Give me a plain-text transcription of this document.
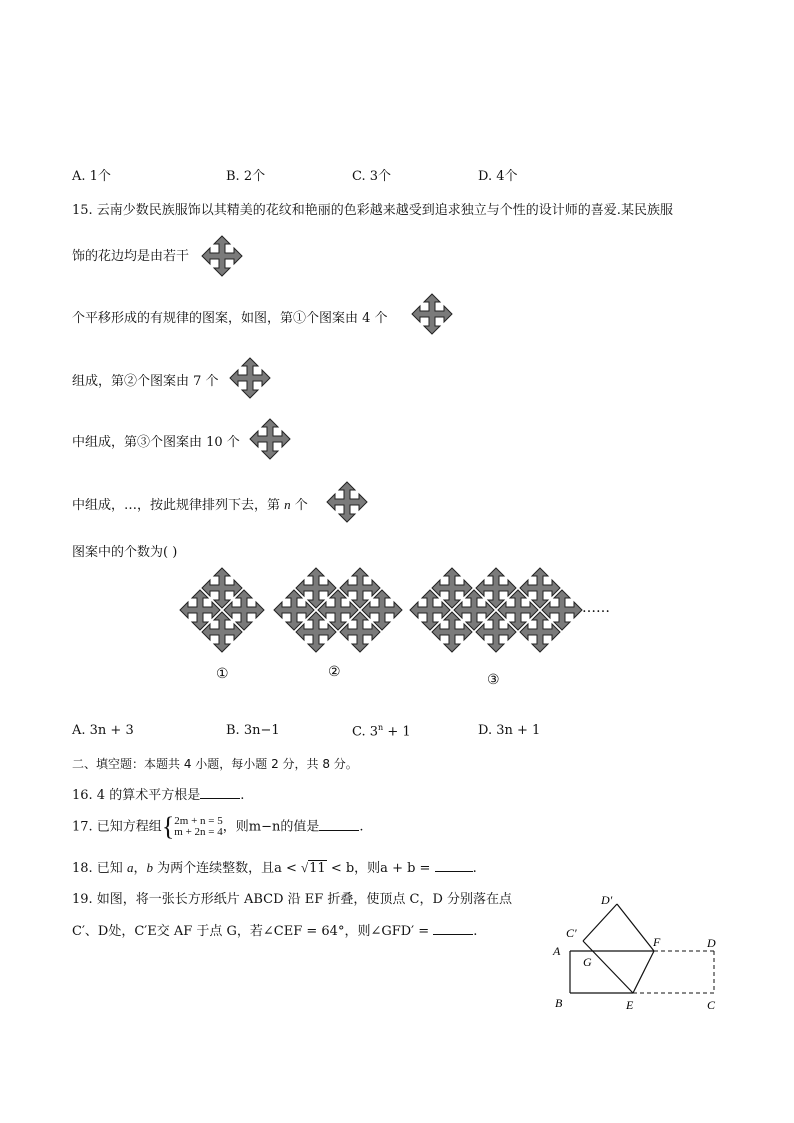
A. 1个	B. 2个	C. 3个	D. 4个
15. 云南少数民族服饰以其精美的花纹和艳丽的色彩越来越受到追求独立与个性的设计师的喜爱.某民族服
饰的花边均是由若干
个平移形成的有规律的图案，如图，第①个图案由 4 个
组成，第②个图案由 7 个
中组成，第③个图案由 10 个
中组成，…，按此规律排列下去，第 n 个
图案中的个数为( )
……
①	②	③
A. 3n + 3	B. 3n−1	C. $3^n + 1$	D. 3n + 1
二、填空题：本题共 4 小题，每小题 2 分，共 8 分。
16. 4 的算术平方根是	.
17. 已知方程组{2m + n = 5
m + 2n = 4，则m−n的值是	.
18. 已知 a，b 为两个连续整数，且a < √11 < b，则a + b =	.
19. 如图，将一张长方形纸片 ABCD 沿 EF 折叠，使顶点 C，D 分别落在点
C′、D处，C′E交 AF 于点 G，若∠CEF = 64°，则∠GFD′ =	.
A
B	C
D
E
F
G
C′
D′
